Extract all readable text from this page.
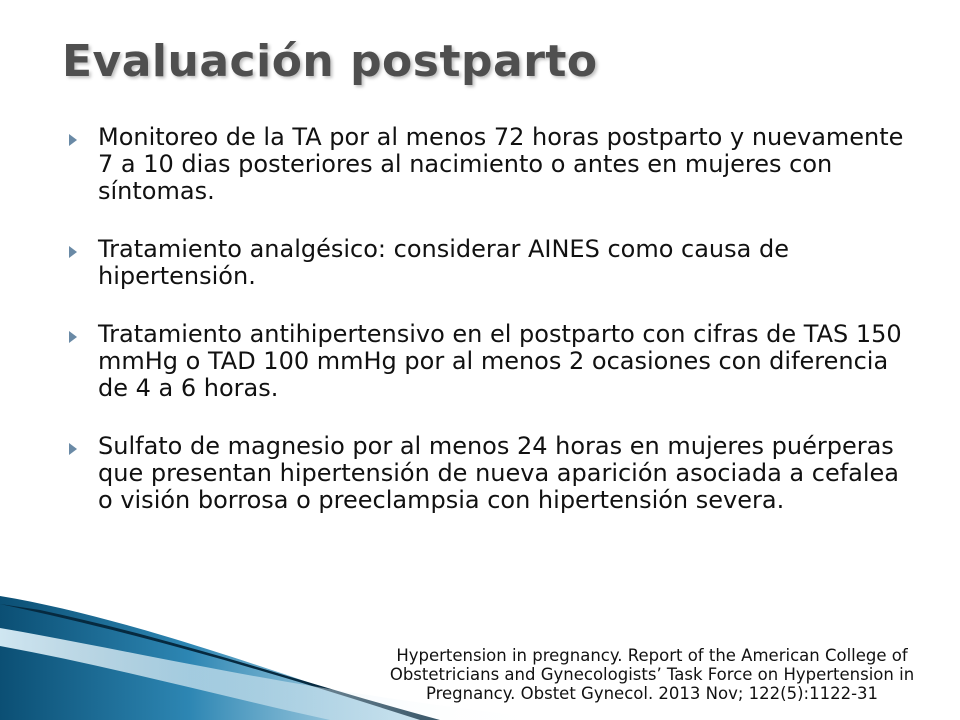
Evaluación postparto
Monitoreo de la TA por al menos 72 horas postparto y nuevamente 7 a 10 dias posteriores al nacimiento o antes en mujeres con síntomas.
Tratamiento analgésico: considerar AINES como causa de hipertensión.
Tratamiento antihipertensivo en el postparto con cifras de TAS 150 mmHg o TAD 100 mmHg por al menos 2 ocasiones con diferencia de 4 a 6 horas.
Sulfato de magnesio por al menos 24 horas en mujeres puérperas que presentan hipertensión de nueva aparición asociada a cefalea o visión borrosa o preeclampsia con hipertensión severa.
Hypertension in pregnancy. Report of the American College of
Obstetricians and Gynecologists’ Task Force on Hypertension in
Pregnancy. Obstet Gynecol. 2013 Nov; 122(5):1122-31
